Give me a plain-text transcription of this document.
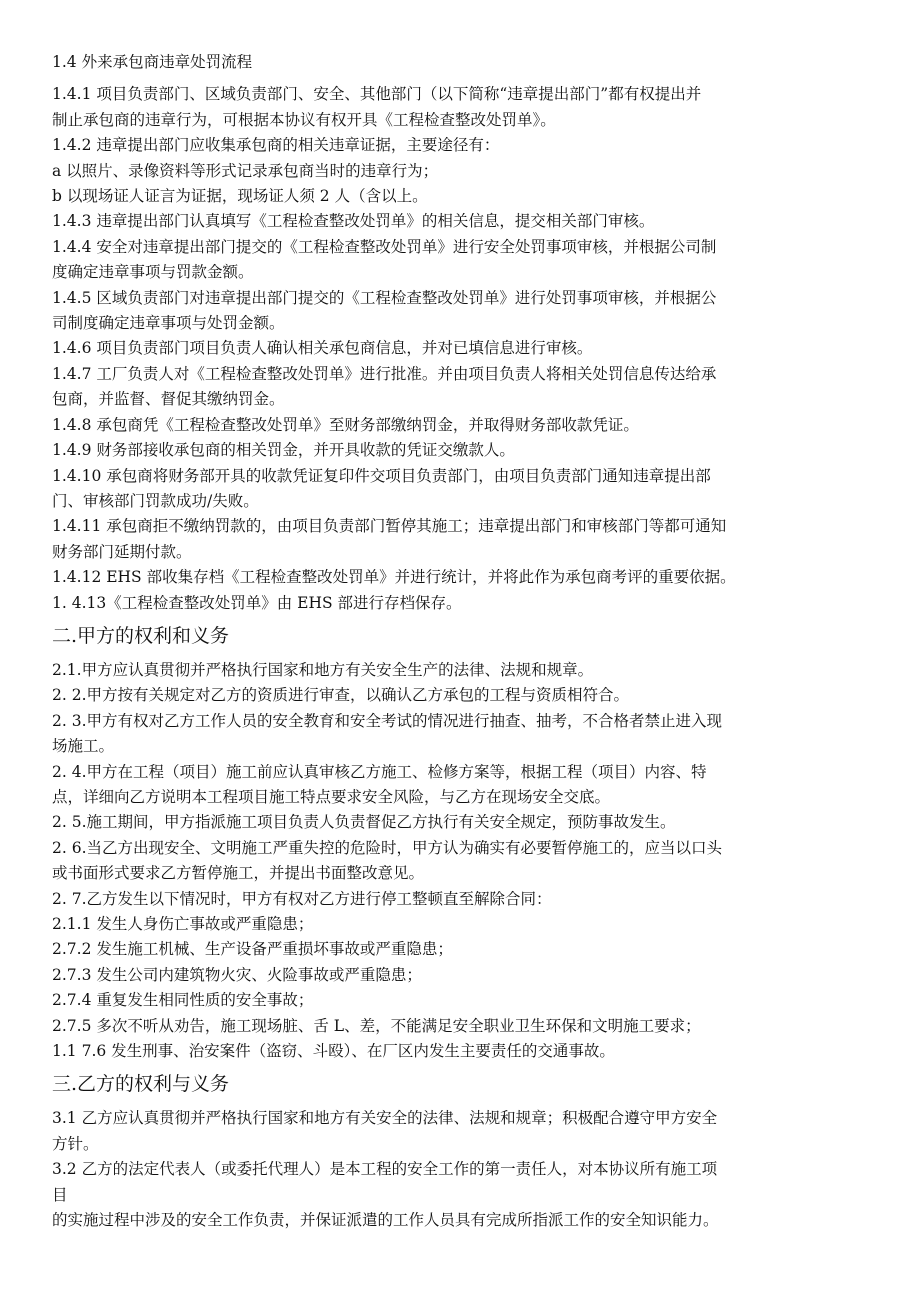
1.4 外来承包商违章处罚流程
1.4.1 项目负责部门、区域负责部门、安全、其他部门（以下简称“违章提出部门”都有权提出并
制止承包商的违章行为，可根据本协议有权开具《工程检查整改处罚单》。
1.4.2 违章提出部门应收集承包商的相关违章证据，主要途径有：
a 以照片、录像资料等形式记录承包商当时的违章行为；
b 以现场证人证言为证据，现场证人须 2 人（含以上。
1.4.3 违章提出部门认真填写《工程检查整改处罚单》的相关信息，提交相关部门审核。
1.4.4 安全对违章提出部门提交的《工程检查整改处罚单》进行安全处罚事项审核，并根据公司制
度确定违章事项与罚款金额。
1.4.5 区域负责部门对违章提出部门提交的《工程检查整改处罚单》进行处罚事项审核，并根据公
司制度确定违章事项与处罚金额。
1.4.6 项目负责部门项目负责人确认相关承包商信息，并对已填信息进行审核。
1.4.7 工厂负责人对《工程检查整改处罚单》进行批准。并由项目负责人将相关处罚信息传达给承
包商，并监督、督促其缴纳罚金。
1.4.8 承包商凭《工程检查整改处罚单》至财务部缴纳罚金，并取得财务部收款凭证。
1.4.9 财务部接收承包商的相关罚金，并开具收款的凭证交缴款人。
1.4.10 承包商将财务部开具的收款凭证复印件交项目负责部门，由项目负责部门通知违章提出部
门、审核部门罚款成功/失败。
1.4.11 承包商拒不缴纳罚款的，由项目负责部门暂停其施工；违章提出部门和审核部门等都可通知
财务部门延期付款。
1.4.12 EHS 部收集存档《工程检查整改处罚单》并进行统计，并将此作为承包商考评的重要依据。
1. 4.13《工程检查整改处罚单》由 EHS 部进行存档保存。
二.甲方的权利和义务
2.1.甲方应认真贯彻并严格执行国家和地方有关安全生产的法律、法规和规章。
2. 2.甲方按有关规定对乙方的资质进行审查，以确认乙方承包的工程与资质相符合。
2. 3.甲方有权对乙方工作人员的安全教育和安全考试的情况进行抽查、抽考，不合格者禁止进入现
场施工。
2. 4.甲方在工程（项目）施工前应认真审核乙方施工、检修方案等，根据工程（项目）内容、特
点，详细向乙方说明本工程项目施工特点要求安全风险，与乙方在现场安全交底。
2. 5.施工期间，甲方指派施工项目负责人负责督促乙方执行有关安全规定，预防事故发生。
2. 6.当乙方出现安全、文明施工严重失控的危险时，甲方认为确实有必要暂停施工的，应当以口头
或书面形式要求乙方暂停施工，并提出书面整改意见。
2. 7.乙方发生以下情况时，甲方有权对乙方进行停工整顿直至解除合同：
2.1.1 发生人身伤亡事故或严重隐患；
2.7.2 发生施工机械、生产设备严重损坏事故或严重隐患；
2.7.3 发生公司内建筑物火灾、火险事故或严重隐患；
2.7.4 重复发生相同性质的安全事故；
2.7.5 多次不听从劝告，施工现场脏、舌 L、差，不能满足安全职业卫生环保和文明施工要求；
1.1 7.6 发生刑事、治安案件（盗窃、斗殴）、在厂区内发生主要责任的交通事故。
三.乙方的权利与义务
3.1 乙方应认真贯彻并严格执行国家和地方有关安全的法律、法规和规章；积极配合遵守甲方安全
方针。
3.2 乙方的法定代表人（或委托代理人）是本工程的安全工作的第一责任人，对本协议所有施工项
目
的实施过程中涉及的安全工作负责，并保证派遣的工作人员具有完成所指派工作的安全知识能力。
